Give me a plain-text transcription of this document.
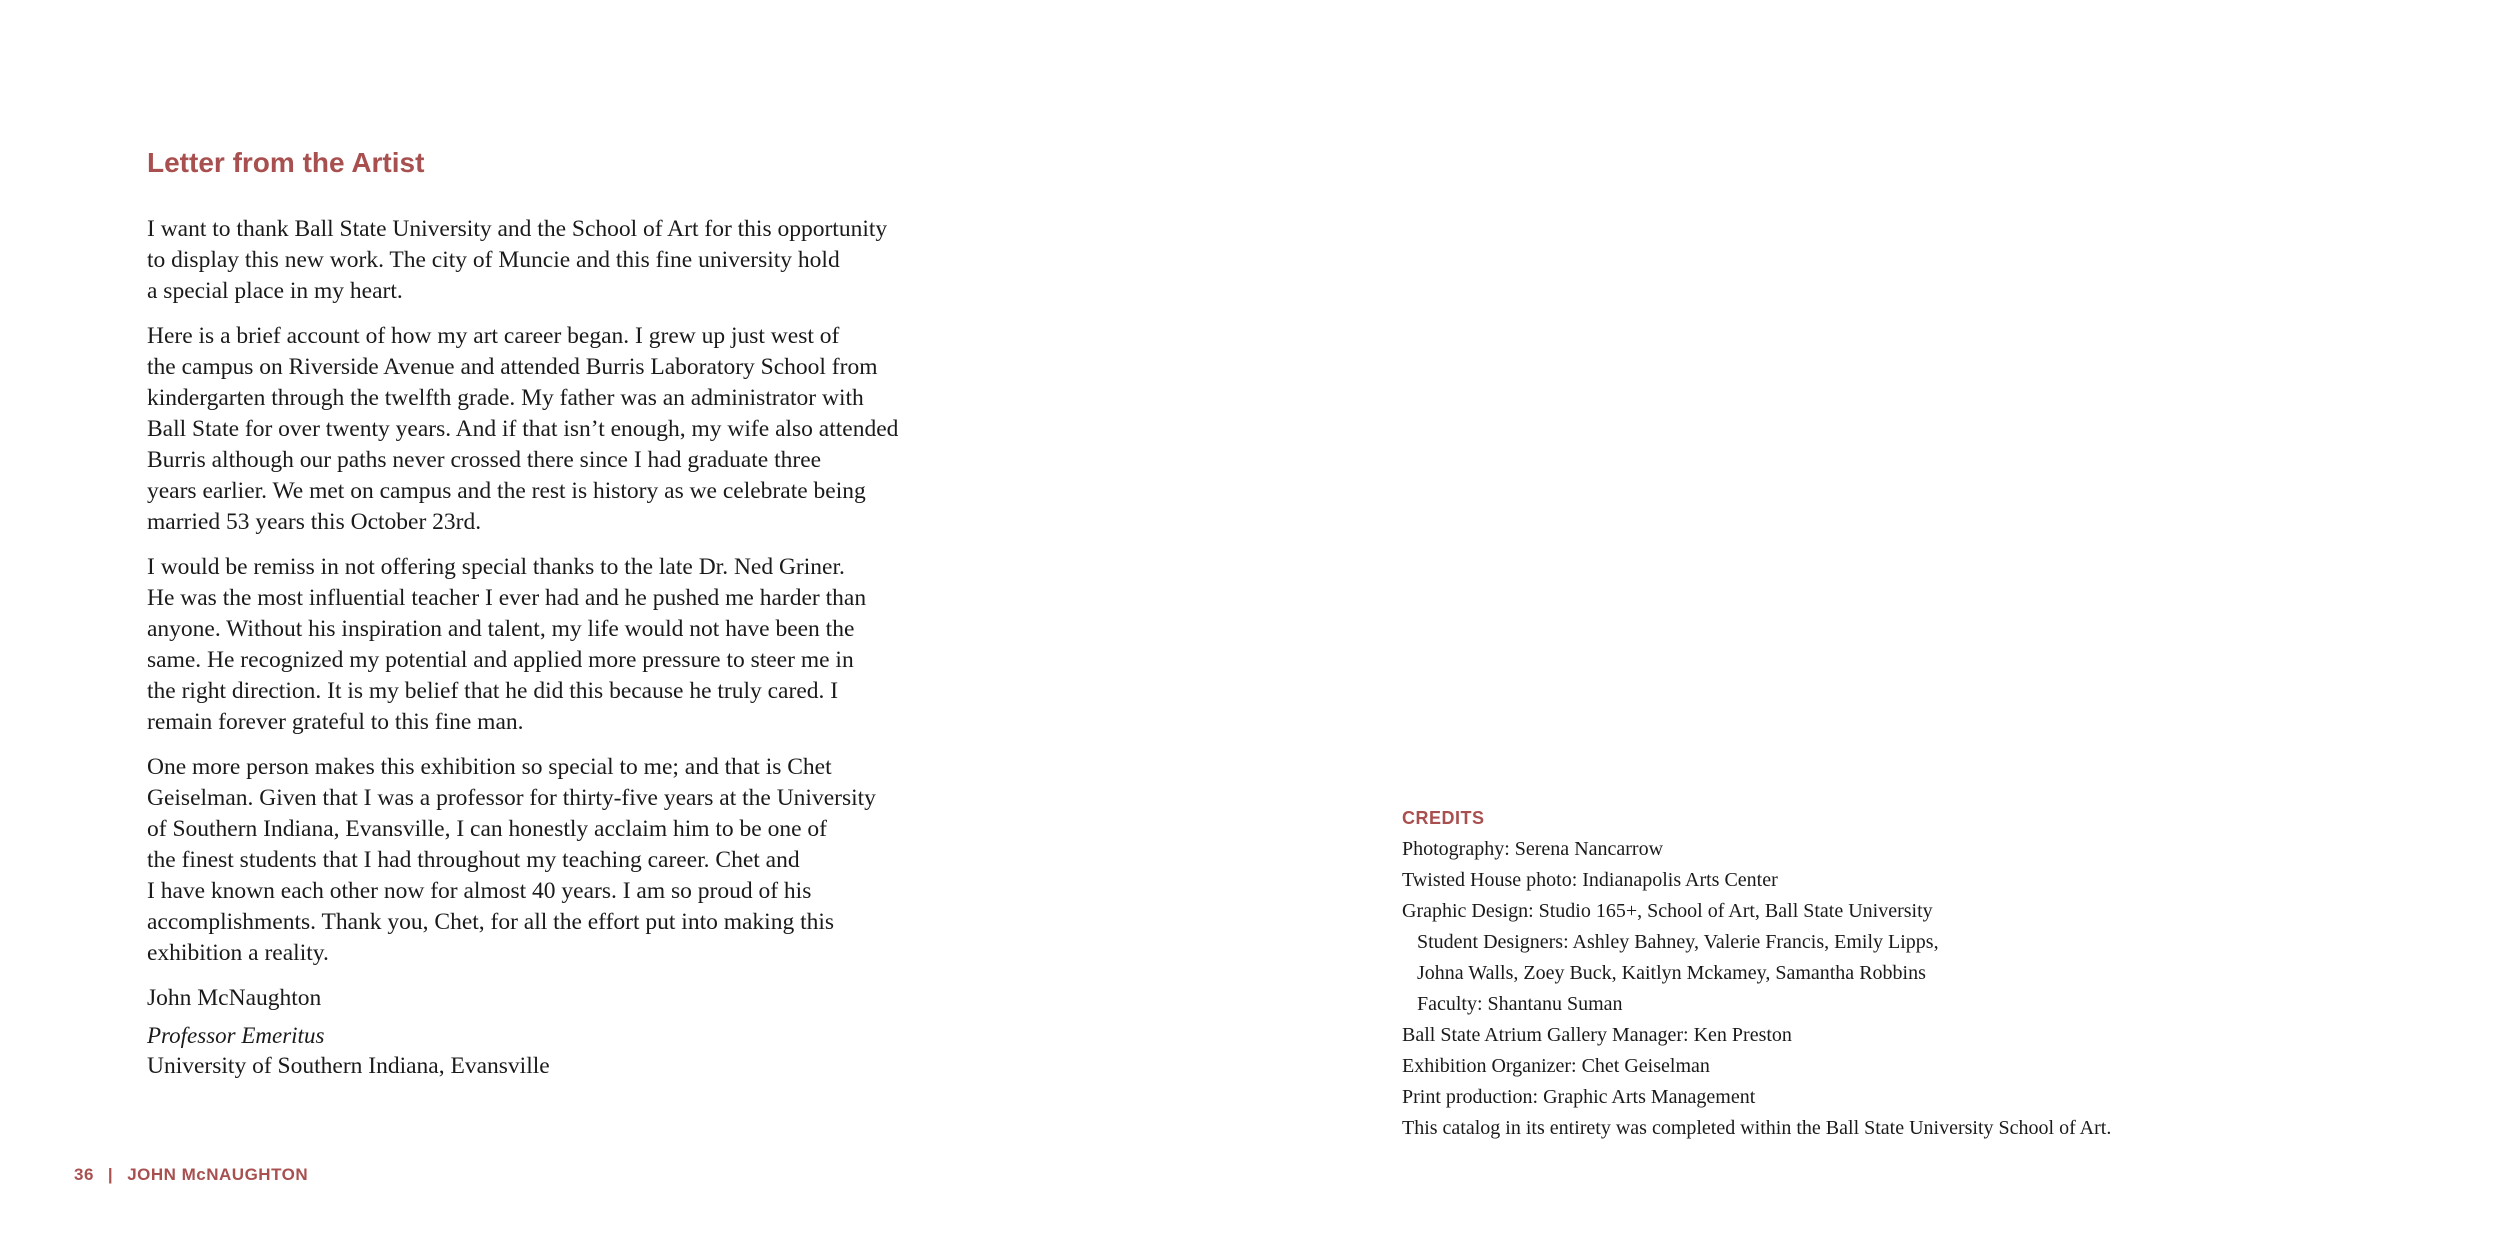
Letter from the Artist

I want to thank Ball State University and the School of Art for this opportunity
to display this new work. The city of Muncie and this fine university hold
a special place in my heart.

Here is a brief account of how my art career began. I grew up just west of
the campus on Riverside Avenue and attended Burris Laboratory School from
kindergarten through the twelfth grade. My father was an administrator with
Ball State for over twenty years. And if that isn’t enough, my wife also attended
Burris although our paths never crossed there since I had graduate three
years earlier. We met on campus and the rest is history as we celebrate being
married 53 years this October 23rd.

I would be remiss in not offering special thanks to the late Dr. Ned Griner.
He was the most influential teacher I ever had and he pushed me harder than
anyone. Without his inspiration and talent, my life would not have been the
same. He recognized my potential and applied more pressure to steer me in
the right direction. It is my belief that he did this because he truly cared. I
remain forever grateful to this fine man.

One more person makes this exhibition so special to me; and that is Chet
Geiselman. Given that I was a professor for thirty-five years at the University
of Southern Indiana, Evansville, I can honestly acclaim him to be one of
the finest students that I had throughout my teaching career. Chet and
I have known each other now for almost 40 years. I am so proud of his
accomplishments. Thank you, Chet, for all the effort put into making this
exhibition a reality.

John McNaughton

Professor Emeritus

University of Southern Indiana, Evansville

36 | JOHN McNAUGHTON
CREDITS

Photography: Serena Nancarrow

Twisted House photo: Indianapolis Arts Center

Graphic Design: Studio 165+, School of Art, Ball State University

Student Designers: Ashley Bahney, Valerie Francis, Emily Lipps,

Johna Walls, Zoey Buck, Kaitlyn Mckamey, Samantha Robbins

Faculty: Shantanu Suman

Ball State Atrium Gallery Manager: Ken Preston

Exhibition Organizer: Chet Geiselman

Print production: Graphic Arts Management

This catalog in its entirety was completed within the Ball State University School of Art.
